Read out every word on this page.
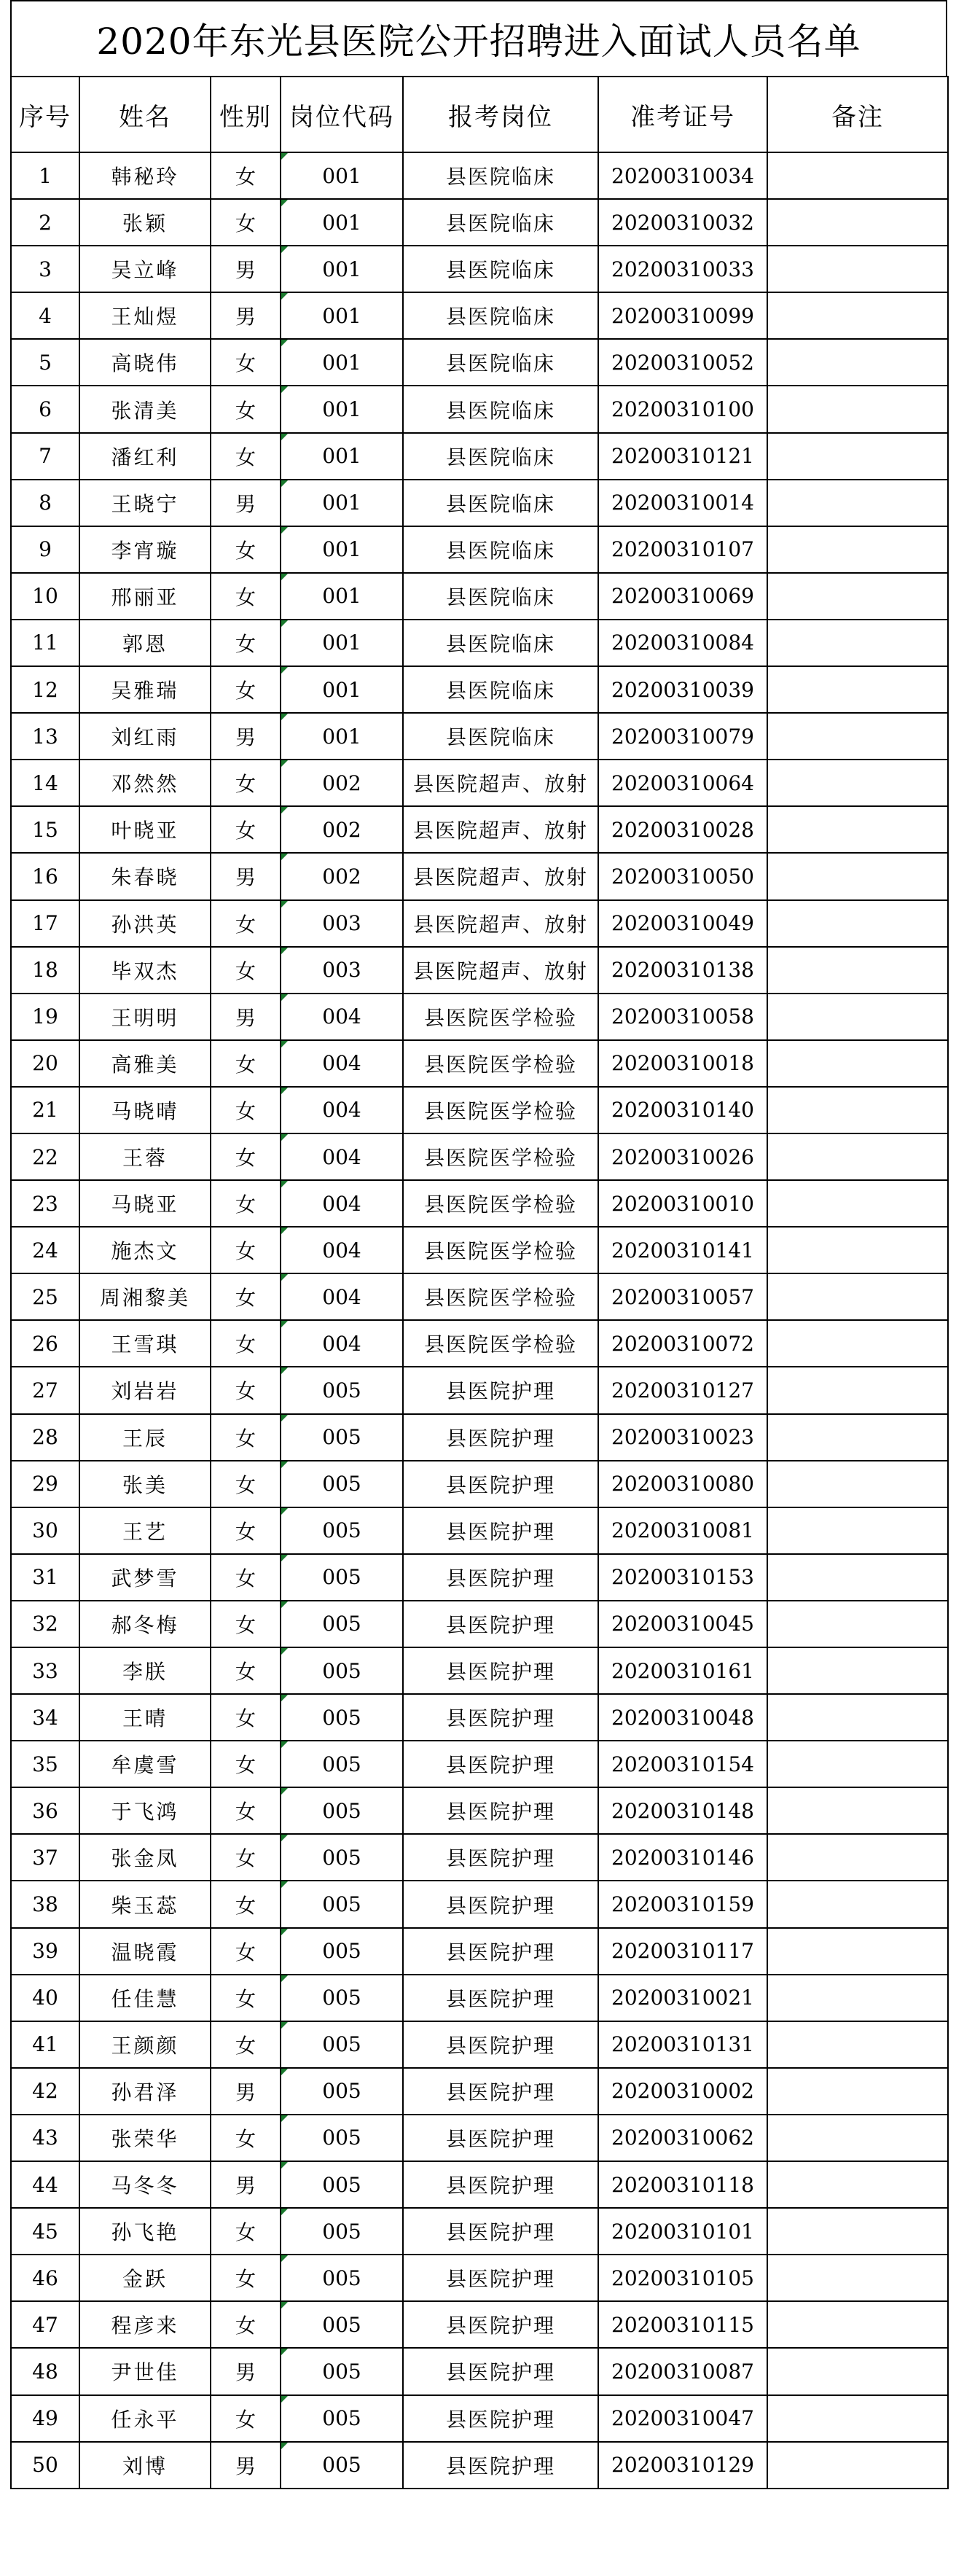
2020年东光县医院公开招聘进入面试人员名单
序号	姓名	性别	岗位代码	报考岗位	准考证号	备注
1	韩秘玲	女	001	县医院临床	20200310034	
2	张颖	女	001	县医院临床	20200310032	
3	吴立峰	男	001	县医院临床	20200310033	
4	王灿煜	男	001	县医院临床	20200310099	
5	高晓伟	女	001	县医院临床	20200310052	
6	张清美	女	001	县医院临床	20200310100	
7	潘红利	女	001	县医院临床	20200310121	
8	王晓宁	男	001	县医院临床	20200310014	
9	李宵璇	女	001	县医院临床	20200310107	
10	邢丽亚	女	001	县医院临床	20200310069	
11	郭恩	女	001	县医院临床	20200310084	
12	吴雅瑞	女	001	县医院临床	20200310039	
13	刘红雨	男	001	县医院临床	20200310079	
14	邓然然	女	002	县医院超声、放射	20200310064	
15	叶晓亚	女	002	县医院超声、放射	20200310028	
16	朱春晓	男	002	县医院超声、放射	20200310050	
17	孙洪英	女	003	县医院超声、放射	20200310049	
18	毕双杰	女	003	县医院超声、放射	20200310138	
19	王明明	男	004	县医院医学检验	20200310058	
20	高雅美	女	004	县医院医学检验	20200310018	
21	马晓晴	女	004	县医院医学检验	20200310140	
22	王蓉	女	004	县医院医学检验	20200310026	
23	马晓亚	女	004	县医院医学检验	20200310010	
24	施杰文	女	004	县医院医学检验	20200310141	
25	周湘黎美	女	004	县医院医学检验	20200310057	
26	王雪琪	女	004	县医院医学检验	20200310072	
27	刘岩岩	女	005	县医院护理	20200310127	
28	王辰	女	005	县医院护理	20200310023	
29	张美	女	005	县医院护理	20200310080	
30	王艺	女	005	县医院护理	20200310081	
31	武梦雪	女	005	县医院护理	20200310153	
32	郝冬梅	女	005	县医院护理	20200310045	
33	李朕	女	005	县医院护理	20200310161	
34	王晴	女	005	县医院护理	20200310048	
35	牟虞雪	女	005	县医院护理	20200310154	
36	于飞鸿	女	005	县医院护理	20200310148	
37	张金凤	女	005	县医院护理	20200310146	
38	柴玉蕊	女	005	县医院护理	20200310159	
39	温晓霞	女	005	县医院护理	20200310117	
40	任佳慧	女	005	县医院护理	20200310021	
41	王颜颜	女	005	县医院护理	20200310131	
42	孙君泽	男	005	县医院护理	20200310002	
43	张荣华	女	005	县医院护理	20200310062	
44	马冬冬	男	005	县医院护理	20200310118	
45	孙飞艳	女	005	县医院护理	20200310101	
46	金跃	女	005	县医院护理	20200310105	
47	程彦来	女	005	县医院护理	20200310115	
48	尹世佳	男	005	县医院护理	20200310087	
49	任永平	女	005	县医院护理	20200310047	
50	刘博	男	005	县医院护理	20200310129	
